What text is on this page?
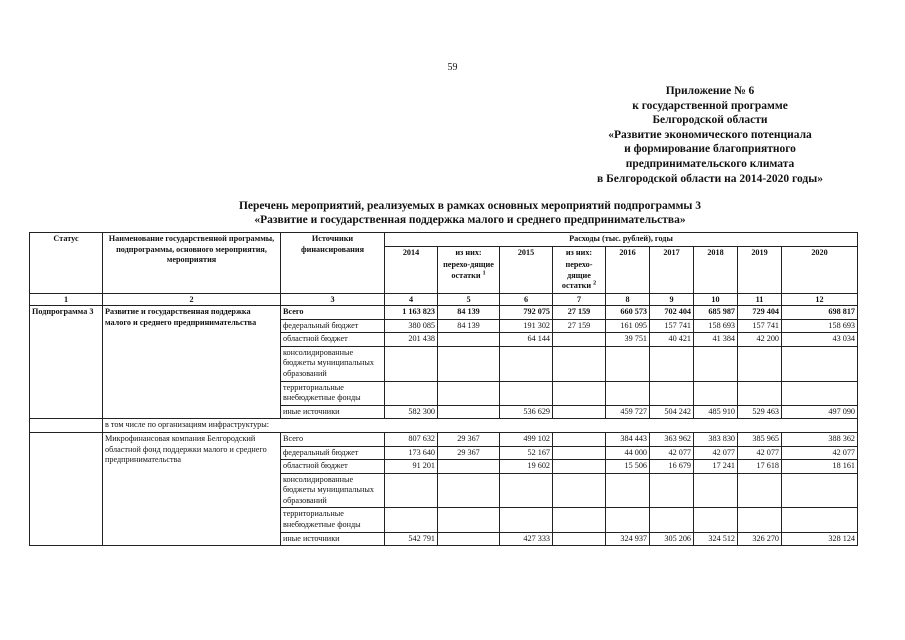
59
Приложение № 6
к государственной программе
Белгородской области
«Развитие экономического потенциала
и формирование благоприятного
предпринимательского климата
в Белгородской области на 2014-2020 годы»
Перечень мероприятий, реализуемых в рамках основных мероприятий подпрограммы 3
«Развитие и государственная поддержка малого и среднего предпринимательства»
Статус	Наименование государственной программы, подпрограммы, основного мероприятия, мероприятия	Источники финансирования	Расходы (тыс. рублей), годы								
			2014	из них:	2015	из них:	2016	2017	2018	2019	2020
				перехо-дящие остатки $^1$		перехо-дящие остатки $^2$
1	2	3	4	5	6	7	8	9	10	11	12
Подпрограмма 3	Развитие и государственная поддержка малого и среднего предпринимательства	Всего	1 163 823	84 139	792 075	27 159	660 573	702 404	685 987	729 404	698 817
		федеральный бюджет	380 085	84 139	191 302	27 159	161 095	157 741	158 693	157 741	158 693
		областной бюджет	201 438		64 144		39 751	40 421	41 384	42 200	43 034
		консолидированные бюджеты муниципальных образований									
		территориальные внебюджетные фонды									
		иные источники	582 300		536 629		459 727	504 242	485 910	529 463	497 090
	в том числе по организациям инфраструктуры:										
	Микрофинансовая компания Белгородский областной фонд поддержки малого и среднего предпринимательства	Всего	807 632	29 367	499 102		384 443	363 962	383 830	385 965	388 362
		федеральный бюджет	173 640	29 367	52 167		44 000	42 077	42 077	42 077	42 077
		областной бюджет	91 201		19 602		15 506	16 679	17 241	17 618	18 161
		консолидированные бюджеты муниципальных образований									
		территориальные внебюджетные фонды									
		иные источники	542 791		427 333		324 937	305 206	324 512	326 270	328 124
